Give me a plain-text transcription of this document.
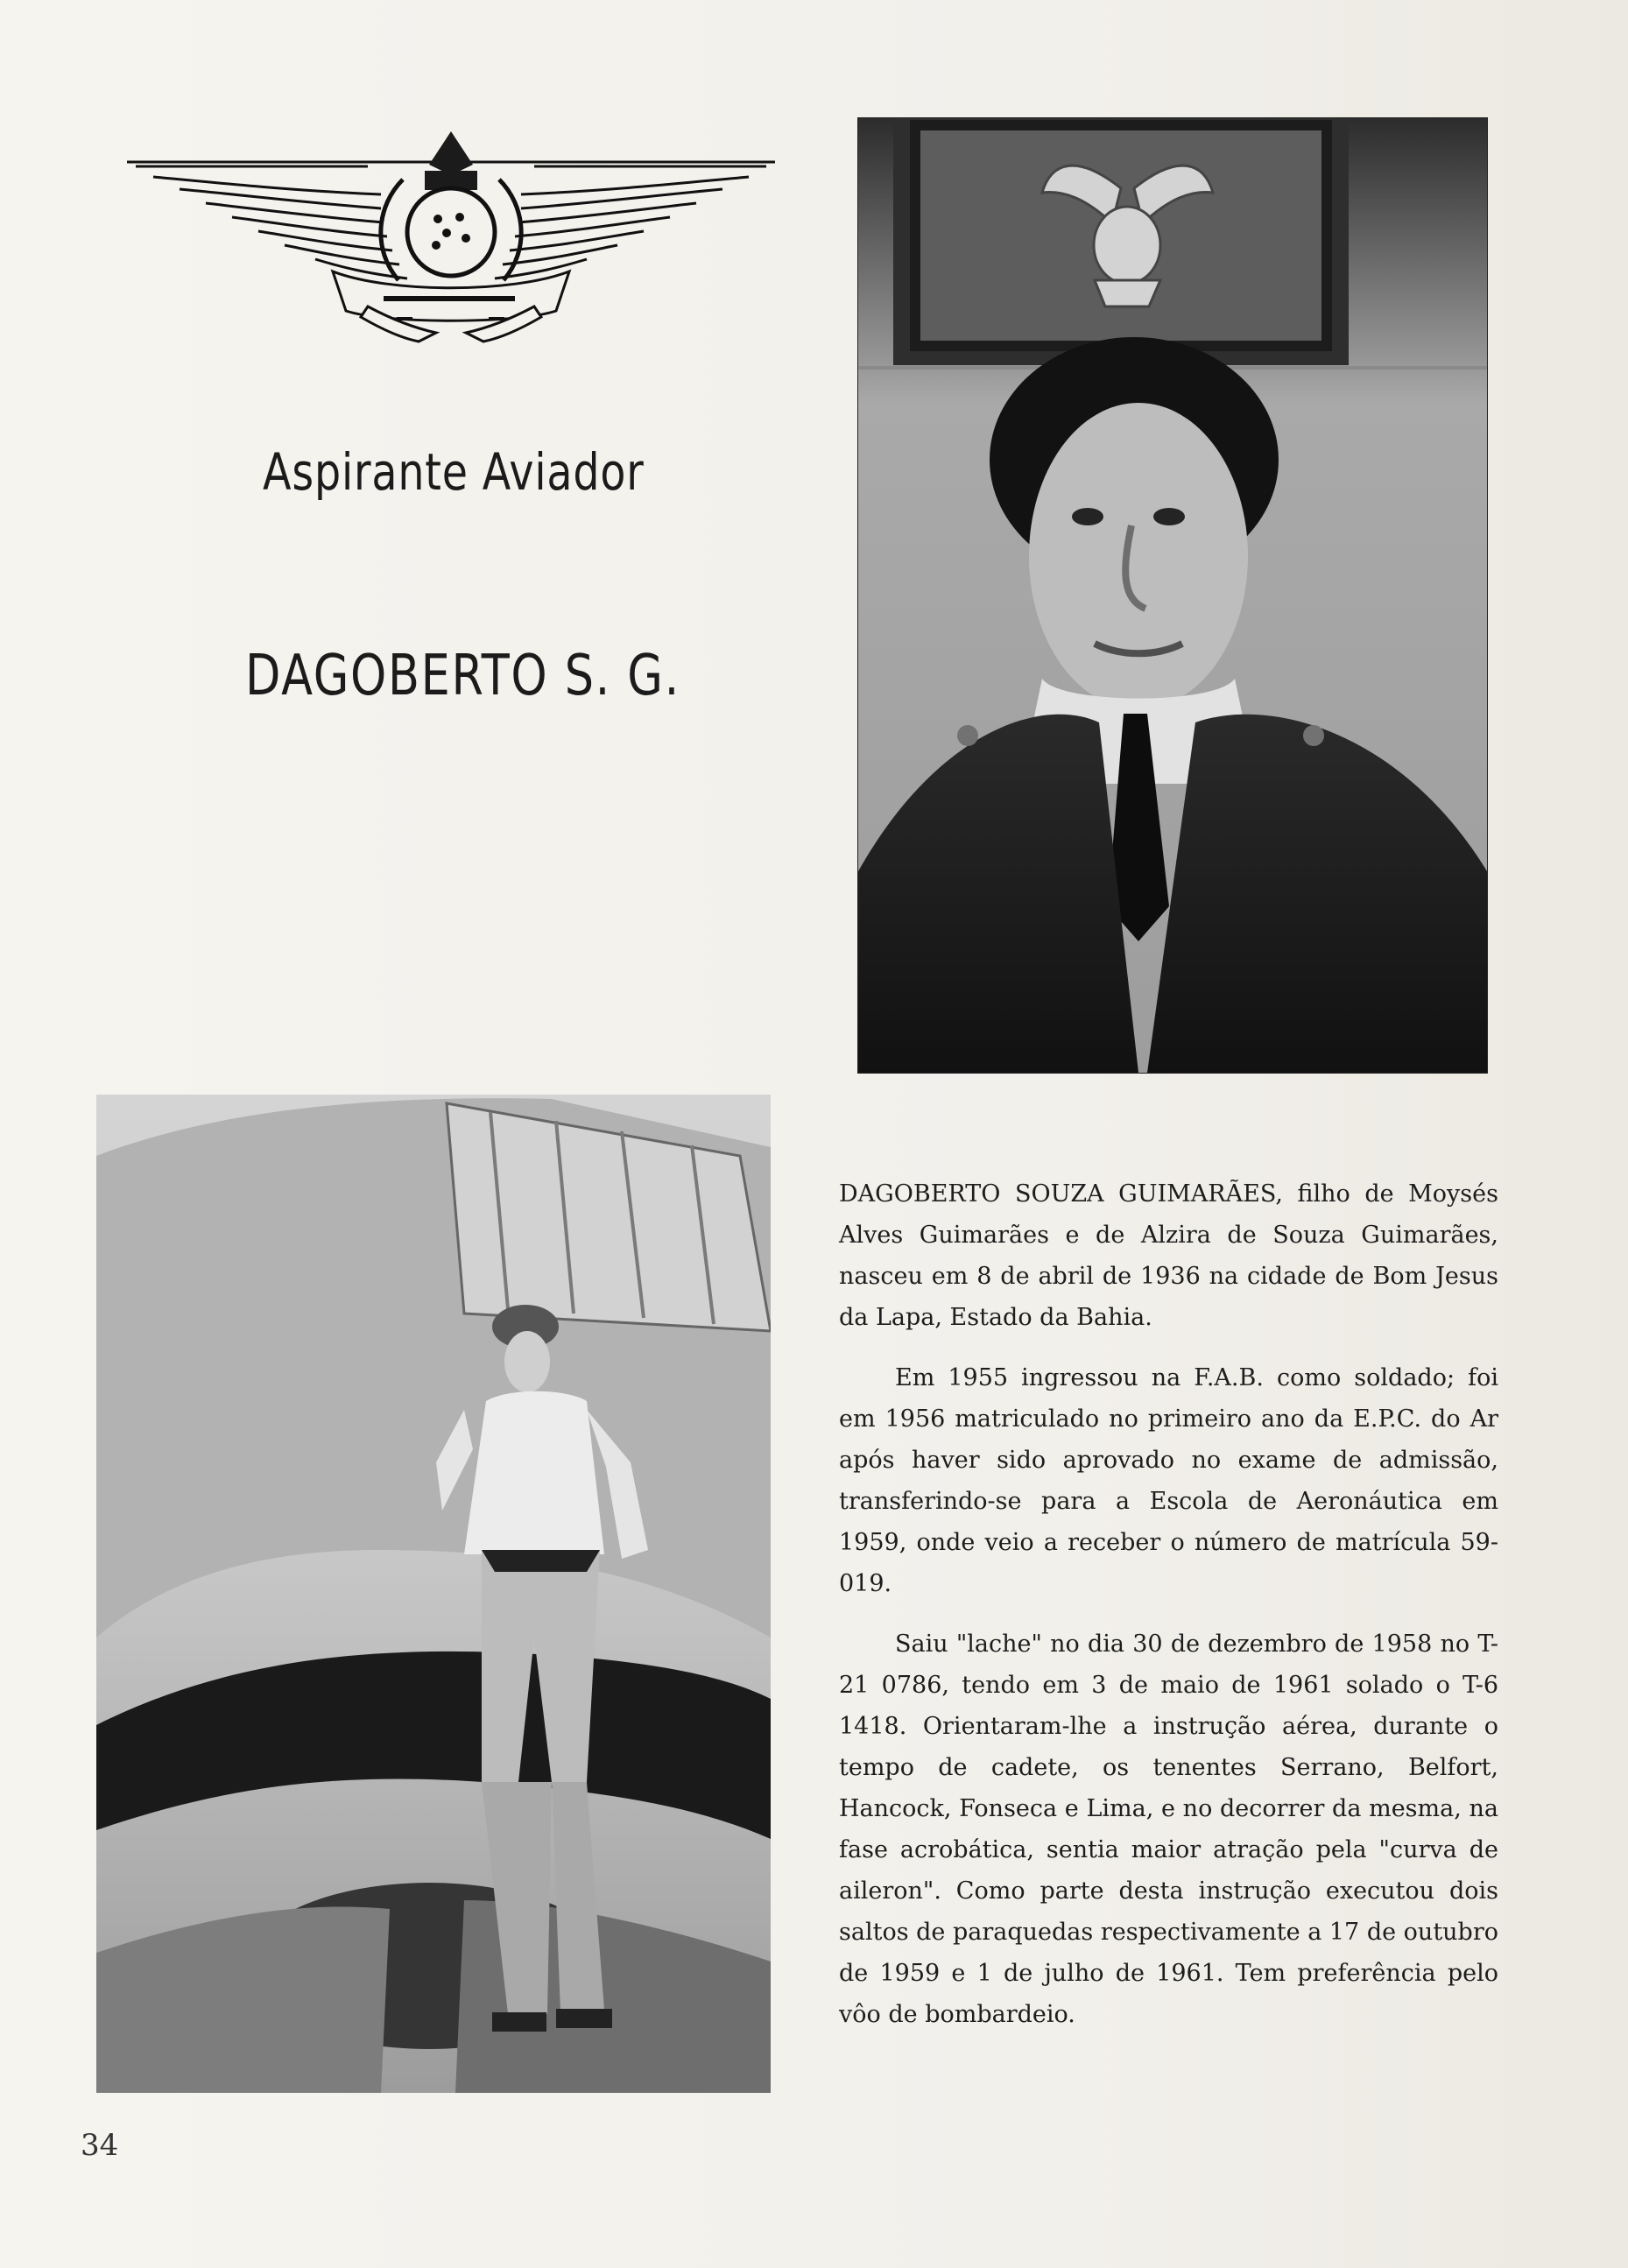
Aspirante Aviador
DAGOBERTO S. G.

DAGOBERTO SOUZA GUIMARÃES, filho de Moysés Alves Guimarães e de Alzira de Souza Guimarães, nasceu em 8 de abril de 1936 na cidade de Bom Jesus da Lapa, Estado da Bahia.

Em 1955 ingressou na F.A.B. como soldado; foi em 1956 matriculado no primeiro ano da E.P.C. do Ar após haver sido aprovado no exame de admissão, transferindo-se para a Escola de Aeronáutica em 1959, onde veio a receber o número de matrícula 59-019.

Saiu "lache" no dia 30 de dezembro de 1958 no T-21 0786, tendo em 3 de maio de 1961 solado o T-6 1418. Orientaram-lhe a instrução aérea, durante o tempo de cadete, os tenentes Serrano, Belfort, Hancock, Fonseca e Lima, e no decorrer da mesma, na fase acrobática, sentia maior atração pela "curva de aileron". Como parte desta instrução executou dois saltos de paraquedas respectivamente a 17 de outubro de 1959 e 1 de julho de 1961. Tem preferência pelo vôo de bombardeio.

34
